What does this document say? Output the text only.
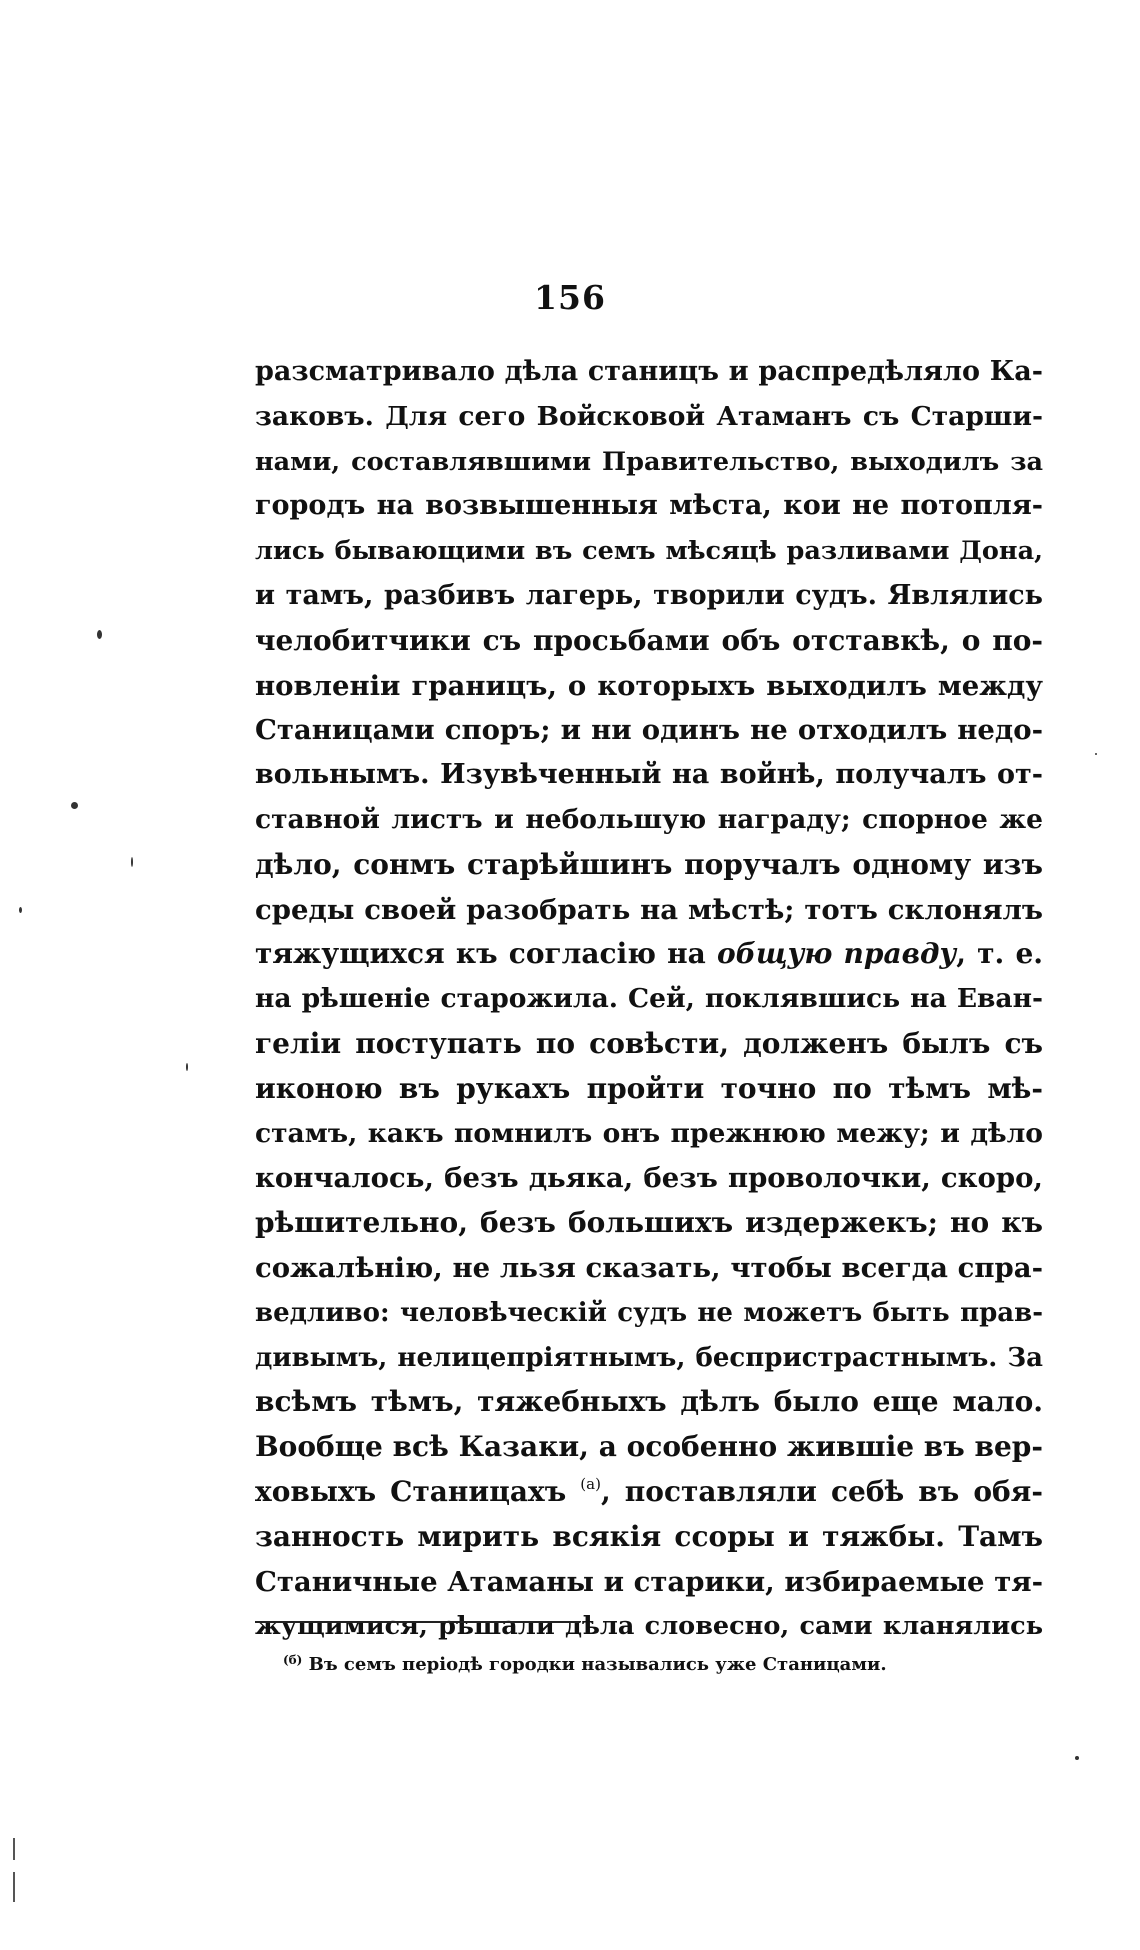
156
разсматривало дѣла станицъ и распредѣляло Ка-
заковъ. Для сего Войсковой Атаманъ съ Старши-
нами, составлявшими Правительство, выходилъ за
городъ на возвышенныя мѣста, кои не потопля-
лись бывающими въ семъ мѣсяцѣ разливами Дона,
и тамъ, разбивъ лагерь, творили судъ. Являлись
челобитчики съ просьбами объ отставкѣ, о по-
новленіи границъ, о которыхъ выходилъ между
Станицами споръ; и ни одинъ не отходилъ недо-
вольнымъ. Изувѣченный на войнѣ, получалъ от-
ставной листъ и небольшую награду; спорное же
дѣло, сонмъ старѣйшинъ поручалъ одному изъ
среды своей разобрать на мѣстѣ; тотъ склонялъ
тяжущихся къ согласію на общую правду, т. е.
на рѣшеніе старожила. Сей, поклявшись на Еван-
геліи поступать по совѣсти, долженъ былъ съ
иконою въ рукахъ пройти точно по тѣмъ мѣ-
стамъ, какъ помнилъ онъ прежнюю межу; и дѣло
кончалось, безъ дьяка, безъ проволочки, скоро,
рѣшительно, безъ большихъ издержекъ; но къ
сожалѣнію, не льзя сказать, чтобы всегда спра-
ведливо: человѣческій судъ не можетъ быть прав-
дивымъ, нелицепріятнымъ, беспристрастнымъ. За
всѣмъ тѣмъ, тяжебныхъ дѣлъ было еще мало.
Вообще всѣ Казаки, а особенно жившіе въ вер-
ховыхъ Станицахъ $^{(а)}$, поставляли себѣ въ обя-
занность мирить всякія ссоры и тяжбы. Тамъ
Станичные Атаманы и старики, избираемые тя-
жущимися, рѣшали дѣла словесно, сами кланялись
$^{(б)}$ Въ семъ періодѣ городки назывались уже Станицами.
